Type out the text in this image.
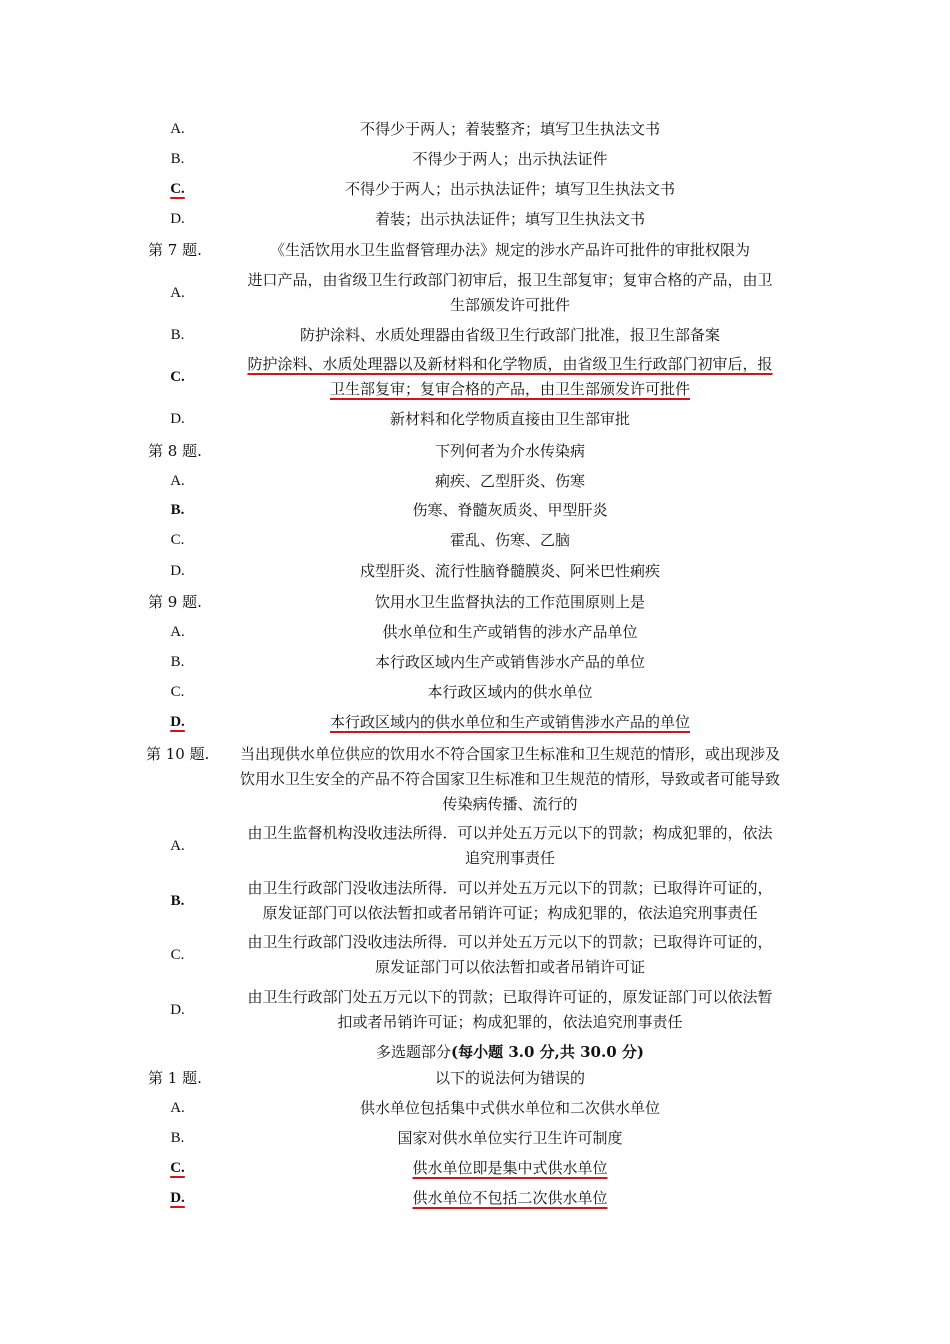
A.	不得少于两人；着装整齐；填写卫生执法文书
B.	不得少于两人；出示执法证件
C.	不得少于两人；出示执法证件；填写卫生执法文书
D.	着装；出示执法证件；填写卫生执法文书
第 7 题.	《生活饮用水卫生监督管理办法》规定的涉水产品许可批件的审批权限为
A.
进口产品，由省级卫生行政部门初审后，报卫生部复审；复审合格的产品，由卫
生部颁发许可批件
B.	防护涂料、水质处理器由省级卫生行政部门批准，报卫生部备案
C.
防护涂料、水质处理器以及新材料和化学物质，由省级卫生行政部门初审后，报
卫生部复审；复审合格的产品，由卫生部颁发许可批件
D.	新材料和化学物质直接由卫生部审批
第 8 题.	下列何者为介水传染病
A.	痢疾、乙型肝炎、伤寒
B.	伤寒、脊髓灰质炎、甲型肝炎
C.	霍乱、伤寒、乙脑
D.	戍型肝炎、流行性脑脊髓膜炎、阿米巴性痢疾
第 9 题.	饮用水卫生监督执法的工作范围原则上是
A.	供水单位和生产或销售的涉水产品单位
B.	本行政区域内生产或销售涉水产品的单位
C.	本行政区域内的供水单位
D.	本行政区域内的供水单位和生产或销售涉水产品的单位
第 10 题.	当出现供水单位供应的饮用水不符合国家卫生标准和卫生规范的情形，或出现涉及
饮用水卫生安全的产品不符合国家卫生标准和卫生规范的情形，导致或者可能导致
传染病传播、流行的
A.
由卫生监督机构没收违法所得．可以并处五万元以下的罚款；构成犯罪的，依法
追究刑事责任
B.
由卫生行政部门没收违法所得．可以并处五万元以下的罚款；已取得许可证的，
原发证部门可以依法暂扣或者吊销许可证；构成犯罪的，依法追究刑事责任
C.
由卫生行政部门没收违法所得．可以并处五万元以下的罚款；已取得许可证的，
原发证部门可以依法暂扣或者吊销许可证
D.
由卫生行政部门处五万元以下的罚款；已取得许可证的，原发证部门可以依法暂
扣或者吊销许可证；构成犯罪的，依法追究刑事责任
多选题部分(每小题 3.0 分,共 30.0 分)
第 1 题.	以下的说法何为错误的
A.	供水单位包括集中式供水单位和二次供水单位
B.	国家对供水单位实行卫生许可制度
C.	供水单位即是集中式供水单位
D.	供水单位不包括二次供水单位
